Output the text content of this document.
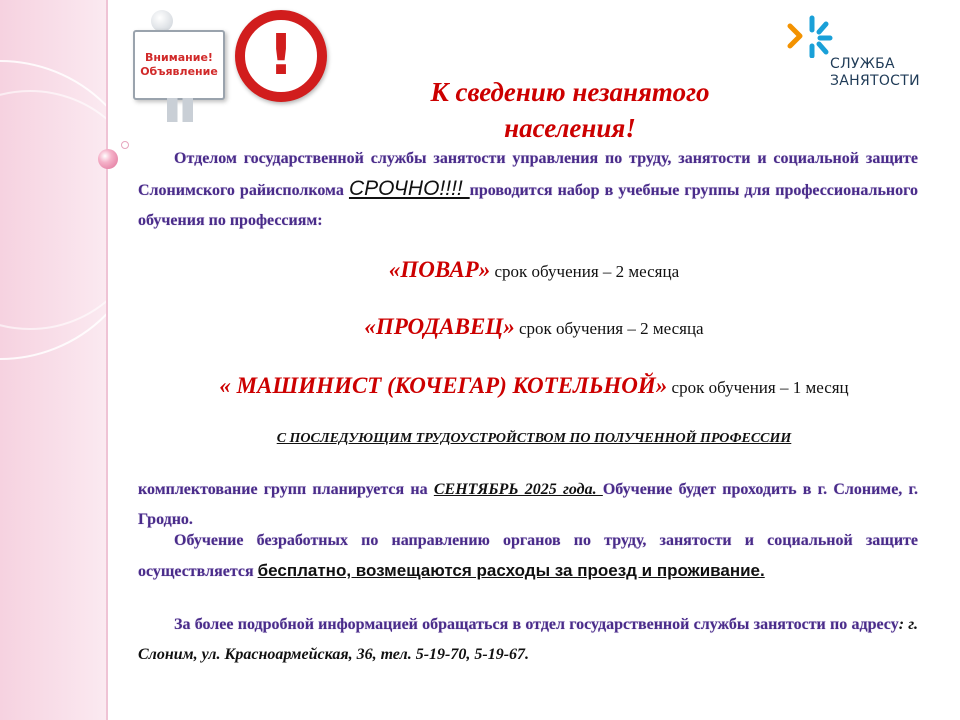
Внимание!
Объявление !	СЛУЖБА
ЗАНЯТОСТИ
К сведению незанятого
населения!
Отделом государственной службы занятости управления по труду, занятости и социальной защите Слонимского райисполкома СРОЧНО!!!! проводится набор в учебные группы для профессионального обучения по профессиям:
«ПОВАР» срок обучения – 2 месяца
«ПРОДАВЕЦ» срок обучения – 2 месяца
« МАШИНИСТ (КОЧЕГАР) КОТЕЛЬНОЙ» срок обучения – 1 месяц
С ПОСЛЕДУЮЩИМ ТРУДОУСТРОЙСТВОМ ПО ПОЛУЧЕННОЙ ПРОФЕССИИ
комплектование групп планируется на СЕНТЯБРЬ 2025 года. Обучение будет проходить в г. Слониме, г. Гродно.
Обучение безработных по направлению органов по труду, занятости и социальной защите осуществляется бесплатно, возмещаются расходы за проезд и проживание.
За более подробной информацией обращаться в отдел государственной службы занятости по адресу: г. Слоним, ул. Красноармейская, 36, тел. 5-19-70, 5-19-67.
